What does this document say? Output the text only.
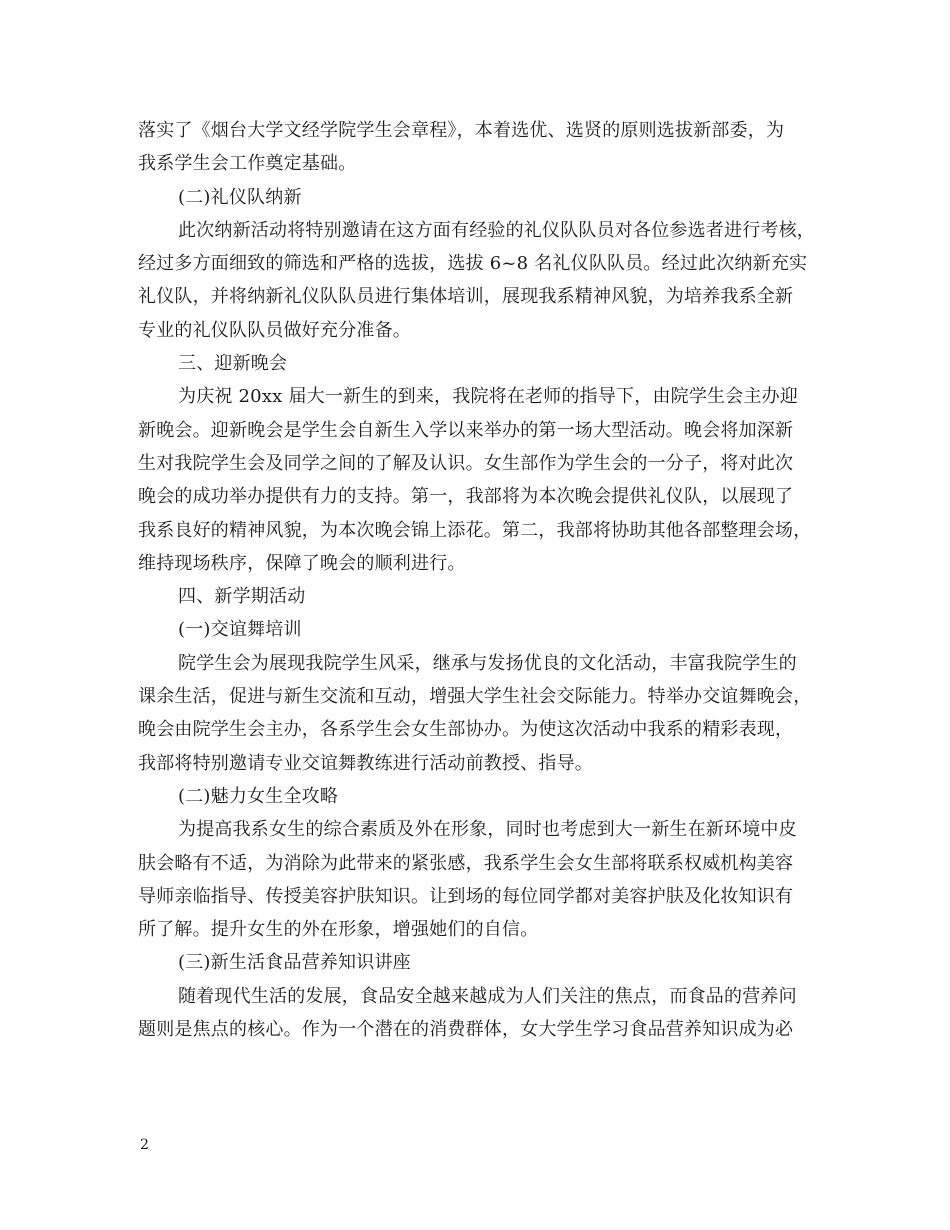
落实了《烟台大学文经学院学生会章程》，本着选优、选贤的原则选拔新部委，为
我系学生会工作奠定基础。
(二)礼仪队纳新
此次纳新活动将特别邀请在这方面有经验的礼仪队队员对各位参选者进行考核，
经过多方面细致的筛选和严格的选拔，选拔 6~8 名礼仪队队员。经过此次纳新充实
礼仪队，并将纳新礼仪队队员进行集体培训，展现我系精神风貌，为培养我系全新
专业的礼仪队队员做好充分准备。
三、迎新晚会
为庆祝 20xx 届大一新生的到来，我院将在老师的指导下，由院学生会主办迎
新晚会。迎新晚会是学生会自新生入学以来举办的第一场大型活动。晚会将加深新
生对我院学生会及同学之间的了解及认识。女生部作为学生会的一分子，将对此次
晚会的成功举办提供有力的支持。第一，我部将为本次晚会提供礼仪队，以展现了
我系良好的精神风貌，为本次晚会锦上添花。第二，我部将协助其他各部整理会场，
维持现场秩序，保障了晚会的顺利进行。
四、新学期活动
(一)交谊舞培训
院学生会为展现我院学生风采，继承与发扬优良的文化活动，丰富我院学生的
课余生活，促进与新生交流和互动，增强大学生社会交际能力。特举办交谊舞晚会，
晚会由院学生会主办，各系学生会女生部协办。为使这次活动中我系的精彩表现，
我部将特别邀请专业交谊舞教练进行活动前教授、指导。
(二)魅力女生全攻略
为提高我系女生的综合素质及外在形象，同时也考虑到大一新生在新环境中皮
肤会略有不适，为消除为此带来的紧张感，我系学生会女生部将联系权威机构美容
导师亲临指导、传授美容护肤知识。让到场的每位同学都对美容护肤及化妆知识有
所了解。提升女生的外在形象，增强她们的自信。
(三)新生活食品营养知识讲座
随着现代生活的发展，食品安全越来越成为人们关注的焦点，而食品的营养问
题则是焦点的核心。作为一个潜在的消费群体，女大学生学习食品营养知识成为必
2
